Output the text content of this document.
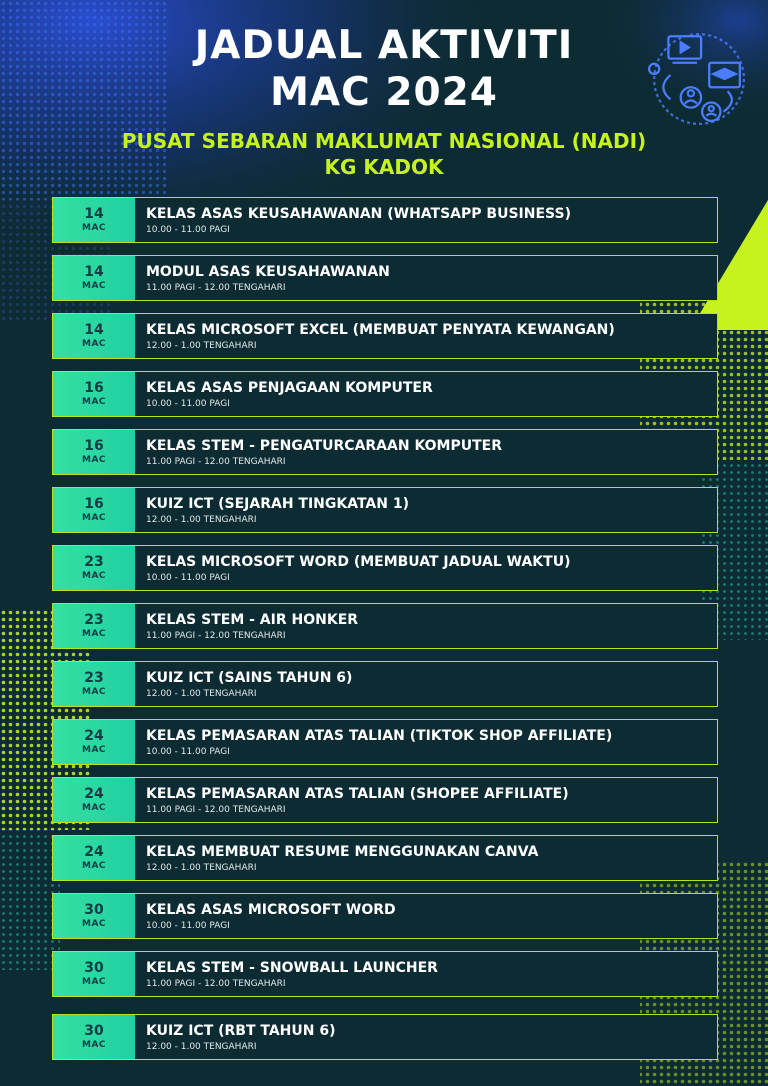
JADUAL AKTIVITI
MAC 2024
PUSAT SEBARAN MAKLUMAT NASIONAL (NADI)
KG KADOK
14
MAC
KELAS ASAS KEUSAHAWANAN (WHATSAPP BUSINESS)
10.00 - 11.00 PAGI
14
MAC
MODUL ASAS KEUSAHAWANAN
11.00 PAGI - 12.00 TENGAHARI
14
MAC
KELAS MICROSOFT EXCEL (MEMBUAT PENYATA KEWANGAN)
12.00 - 1.00 TENGAHARI
16
MAC
KELAS ASAS PENJAGAAN KOMPUTER
10.00 - 11.00 PAGI
16
MAC
KELAS STEM - PENGATURCARAAN KOMPUTER
11.00 PAGI - 12.00 TENGAHARI
16
MAC
KUIZ ICT (SEJARAH TINGKATAN 1)
12.00 - 1.00 TENGAHARI
23
MAC
KELAS MICROSOFT WORD (MEMBUAT JADUAL WAKTU)
10.00 - 11.00 PAGI
23
MAC
KELAS STEM - AIR HONKER
11.00 PAGI - 12.00 TENGAHARI
23
MAC
KUIZ ICT (SAINS TAHUN 6)
12.00 - 1.00 TENGAHARI
24
MAC
KELAS PEMASARAN ATAS TALIAN (TIKTOK SHOP AFFILIATE)
10.00 - 11.00 PAGI
24
MAC
KELAS PEMASARAN ATAS TALIAN (SHOPEE AFFILIATE)
11.00 PAGI - 12.00 TENGAHARI
24
MAC
KELAS MEMBUAT RESUME MENGGUNAKAN CANVA
12.00 - 1.00 TENGAHARI
30
MAC
KELAS ASAS MICROSOFT WORD
10.00 - 11.00 PAGI
30
MAC
KELAS STEM - SNOWBALL LAUNCHER
11.00 PAGI - 12.00 TENGAHARI
30
MAC
KUIZ ICT (RBT TAHUN 6)
12.00 - 1.00 TENGAHARI
